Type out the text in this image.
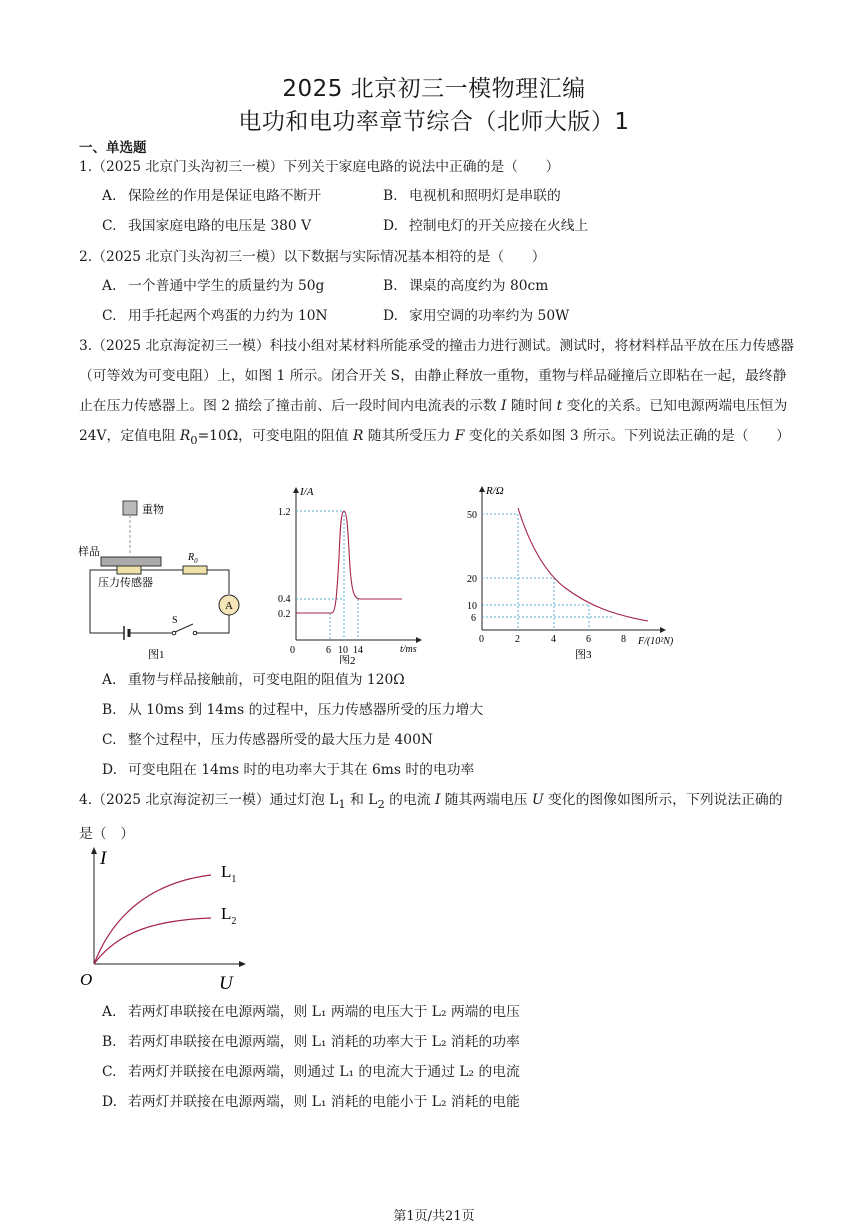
2025 北京初三一模物理汇编
电功和电功率章节综合（北师大版）1
一、单选题
1.（2025 北京门头沟初三一模）下列关于家庭电路的说法中正确的是（　　）
A. 保险丝的作用是保证电路不断开	B. 电视机和照明灯是串联的
C. 我国家庭电路的电压是 380 V	D. 控制电灯的开关应接在火线上
2.（2025 北京门头沟初三一模）以下数据与实际情况基本相符的是（　　）
A. 一个普通中学生的质量约为 50g	B. 课桌的高度约为 80cm
C. 用手托起两个鸡蛋的力约为 10N	D. 家用空调的功率约为 50W
3.（2025 北京海淀初三一模）科技小组对某材料所能承受的撞击力进行测试。测试时，将材料样品平放在压力传感器（可等效为可变电阻）上，如图 1 所示。闭合开关 S，由静止释放一重物，重物与样品碰撞后立即粘在一起，最终静止在压力传感器上。图 2 描绘了撞击前、后一段时间内电流表的示数 I 随时间 t 变化的关系。已知电源两端电压恒为 24V，定值电阻 $R_0=10\Omega$，可变电阻的阻值 R 随其所受压力 F 变化的关系如图 3 所示。下列说法正确的是（　　）
重物
样品
压力传感器
$R_0$
A
S
图1
I/A
t/ms
1.2
0.4
0.2
0	6 10 14
图2
R/Ω
F/(10²N)
50
20
10
6
0	2	4	6	8
图3
A. 重物与样品接触前，可变电阻的阻值为 120Ω
B. 从 10ms 到 14ms 的过程中，压力传感器所受的压力增大
C. 整个过程中，压力传感器所受的最大压力是 400N
D. 可变电阻在 14ms 时的电功率大于其在 6ms 时的电功率
4.（2025 北京海淀初三一模）通过灯泡 $L_1$ 和 $L_2$ 的电流 I 随其两端电压 U 变化的图像如图所示，下列说法正确的是（　）
I
O	U
$L_1$
$L_2$
A. 若两灯串联接在电源两端，则 L₁ 两端的电压大于 L₂ 两端的电压
B. 若两灯串联接在电源两端，则 L₁ 消耗的功率大于 L₂ 消耗的功率
C. 若两灯并联接在电源两端，则通过 L₁ 的电流大于通过 L₂ 的电流
D. 若两灯并联接在电源两端，则 L₁ 消耗的电能小于 L₂ 消耗的电能
第1页/共21页
